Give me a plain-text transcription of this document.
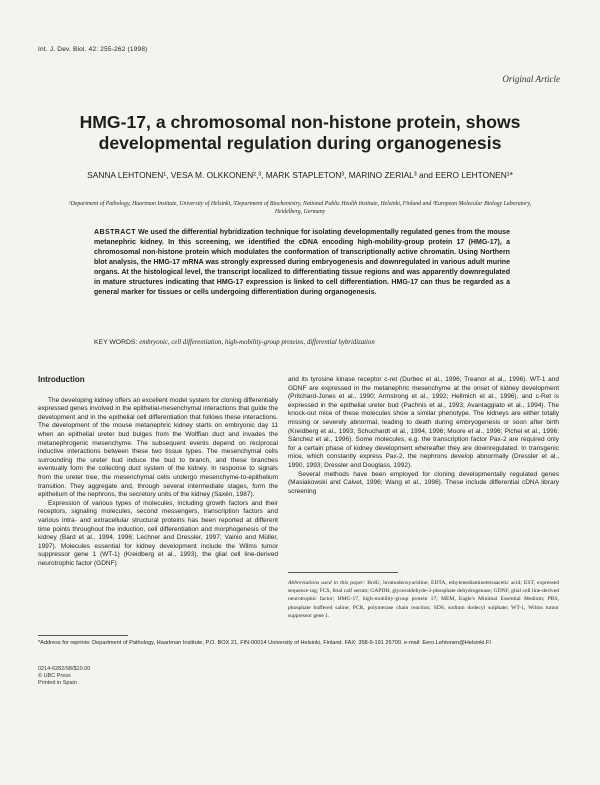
Int. J. Dev. Biol. 42: 255-262 (1998)
Original Article
HMG-17, a chromosomal non-histone protein, shows developmental regulation during organogenesis
SANNA LEHTONEN¹, VESA M. OLKKONEN²,³, MARK STAPLETON³, MARINO ZERIAL³ and EERO LEHTONEN¹*
¹Department of Pathology, Haartman Institute, University of Helsinki, ²Department of Biochemistry, National Public Health Institute, Helsinki, Finland and ³European Molecular Biology Laboratory, Heidelberg, Germany
ABSTRACT We used the differential hybridization technique for isolating developmentally regulated genes from the mouse metanephric kidney. In this screening, we identified the cDNA encoding high-mobility-group protein 17 (HMG-17), a chromosomal non-histone protein which modulates the conformation of transcriptionally active chromatin. Using Northern blot analysis, the HMG-17 mRNA was strongly expressed during embryogenesis and downregulated in various adult murine organs. At the histological level, the transcript localized to differentiating tissue regions and was apparently downregulated in mature structures indicating that HMG-17 expression is linked to cell differentiation. HMG-17 can thus be regarded as a general marker for tissues or cells undergoing differentiation during organogenesis.
KEY WORDS: embryonic, cell differentiation, high-mobility-group proteins, differential hybridization
Introduction

The developing kidney offers an excellent model system for cloning differentially expressed genes involved in the epithelial-mesenchymal interactions that guide the development and in the epithelial cell differentiation that follows these interactions. The development of the mouse metanephric kidney starts on embryonic day 11 when an epithelial ureter bud bulges from the Wolffian duct and invades the metanephrogenic mesenchyme. The subsequent events depend on reciprocal inductive interactions between these two tissue types. The mesenchymal cells surrounding the ureter bud induce the bud to branch, and these branches eventually form the collecting duct system of the kidney. In response to signals from the ureter tree, the mesenchymal cells undergo mesenchyme-to-epithelium transition. They aggregate and, through several intermediate stages, form the epithelium of the nephrons, the secretory units of the kidney (Saxén, 1987).

Expression of various types of molecules, including growth factors and their receptors, signaling molecules, second messengers, transcription factors and various intra- and extracellular structural proteins has been reported at different time points throughout the induction, cell differentiation and morphogenesis of the kidney (Bard et al., 1994, 1996; Lechner and Dressler, 1997; Vainio and Müller, 1997). Molecules essential for kidney development include the Wilms tumor suppressor gene 1 (WT-1) (Kreidberg et al., 1993), the glial cell line-derived neurotrophic factor (GDNF)

and its tyrosine kinase receptor c-ret (Durbec et al., 1996; Treanor et al., 1996). WT-1 and GDNF are expressed in the metanephric mesenchyme at the onset of kidney development (Pritchard-Jones et al., 1990; Armstrong et al., 1992; Hellmich et al., 1996), and c-Ret is expressed in the epithelial ureter bud (Pachnis et al., 1993; Avantaggiato et al., 1994). The knock-out mice of these molecules show a similar phenotype. The kidneys are either totally missing or severely abnormal, leading to death during embryogenesis or soon after birth (Kreidberg et al., 1993; Schuchardt et al., 1994, 1996; Moore et al., 1996; Pichel et al., 1996; Sánchez et al., 1996). Some molecules, e.g. the transcription factor Pax-2 are required only for a certain phase of kidney development whereafter they are downregulated. In transgenic mice, which constantly express Pax-2, the nephrons develop abnormally (Dressler et al., 1990, 1993; Dressler and Douglass, 1992).

Several methods have been employed for cloning developmentally regulated genes (Masiakowski and Calvet, 1996; Wang et al., 1996). These include differential cDNA library screening

Abbreviations used in this paper: BrdU, bromodeoxyuridine; EDTA, ethylenediaminetetraacetic acid; EST, expressed sequence tag; FCS, fetal calf serum; GAPDH, glyceraldehyde-3-phosphate dehydrogenase; GDNF, glial cell line-derived neurotrophic factor; HMG-17, high-mobility-group protein 17; MEM, Eagle's Minimal Essential Medium; PBS, phosphate buffered saline; PCR, polymerase chain reaction; SDS, sodium dodecyl sulphate; WT-1, Wilms tumor suppressor gene 1.
*Address for reprints: Department of Pathology, Haartman Institute, P.O. BOX 21, FIN-00014 University of Helsinki, Finland. FAX: 358-9-191 26700. e-mail: Eero.Lehtonen@Helsinki.FI
0214-6282/98/$10.00
© UBC Press
Printed in Spain
